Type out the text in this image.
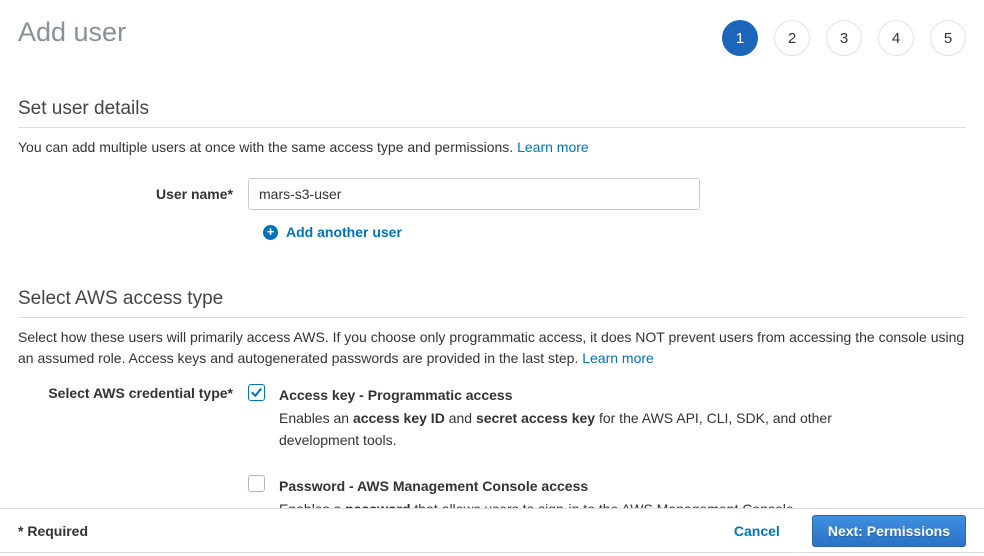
Add user	1	2	3	4	5
Set user details
You can add multiple users at once with the same access type and permissions. Learn more
User name*
mars-s3-user
+ Add another user
Select AWS access type
Select how these users will primarily access AWS. If you choose only programmatic access, it does NOT prevent users from accessing the console using an assumed role. Access keys and autogenerated passwords are provided in the last step. Learn more
Select AWS credential type*	Access key - Programmatic access
Enables an access key ID and secret access key for the AWS API, CLI, SDK, and other development tools.
Password - AWS Management Console access
* Required	Cancel	Next: Permissions
